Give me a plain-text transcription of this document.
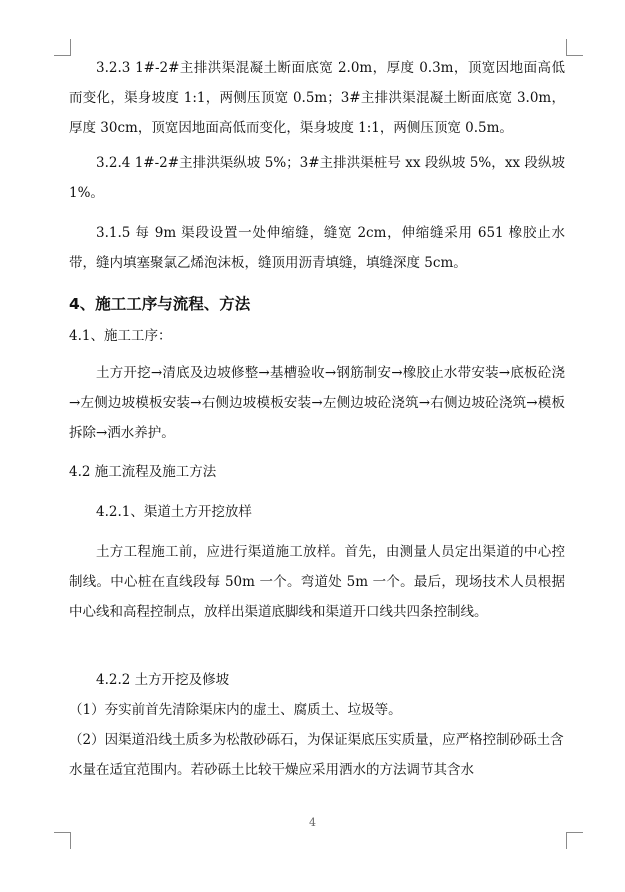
3.2.3 1#-2#主排洪渠混凝土断面底宽 2.0m，厚度 0.3m，顶宽因地面高低而变化，渠身坡度 1:1，两侧压顶宽 0.5m；3#主排洪渠混凝土断面底宽 3.0m，厚度 30cm，顶宽因地面高低而变化，渠身坡度 1:1，两侧压顶宽 0.5m。

3.2.4 1#-2#主排洪渠纵坡 5%；3#主排洪渠桩号 xx 段纵坡 5%，xx 段纵坡 1%。

3.1.5 每 9m 渠段设置一处伸缩缝，缝宽 2cm，伸缩缝采用 651 橡胶止水带，缝内填塞聚氯乙烯泡沫板，缝顶用沥青填缝，填缝深度 5cm。

4、施工工序与流程、方法

4.1、施工工序：

土方开挖→清底及边坡修整→基槽验收→钢筋制安→橡胶止水带安装→底板砼浇→左侧边坡模板安装→右侧边坡模板安装→左侧边坡砼浇筑→右侧边坡砼浇筑→模板拆除→洒水养护。

4.2 施工流程及施工方法

4.2.1、渠道土方开挖放样

土方工程施工前，应进行渠道施工放样。首先，由测量人员定出渠道的中心控制线。中心桩在直线段每 50m 一个。弯道处 5m 一个。最后，现场技术人员根据中心线和高程控制点，放样出渠道底脚线和渠道开口线共四条控制线。

4.2.2 土方开挖及修坡

（1）夯实前首先清除渠床内的虚土、腐质土、垃圾等。

（2）因渠道沿线土质多为松散砂砾石，为保证渠底压实质量，应严格控制砂砾土含水量在适宜范围内。若砂砾土比较干燥应采用洒水的方法调节其含水

4
